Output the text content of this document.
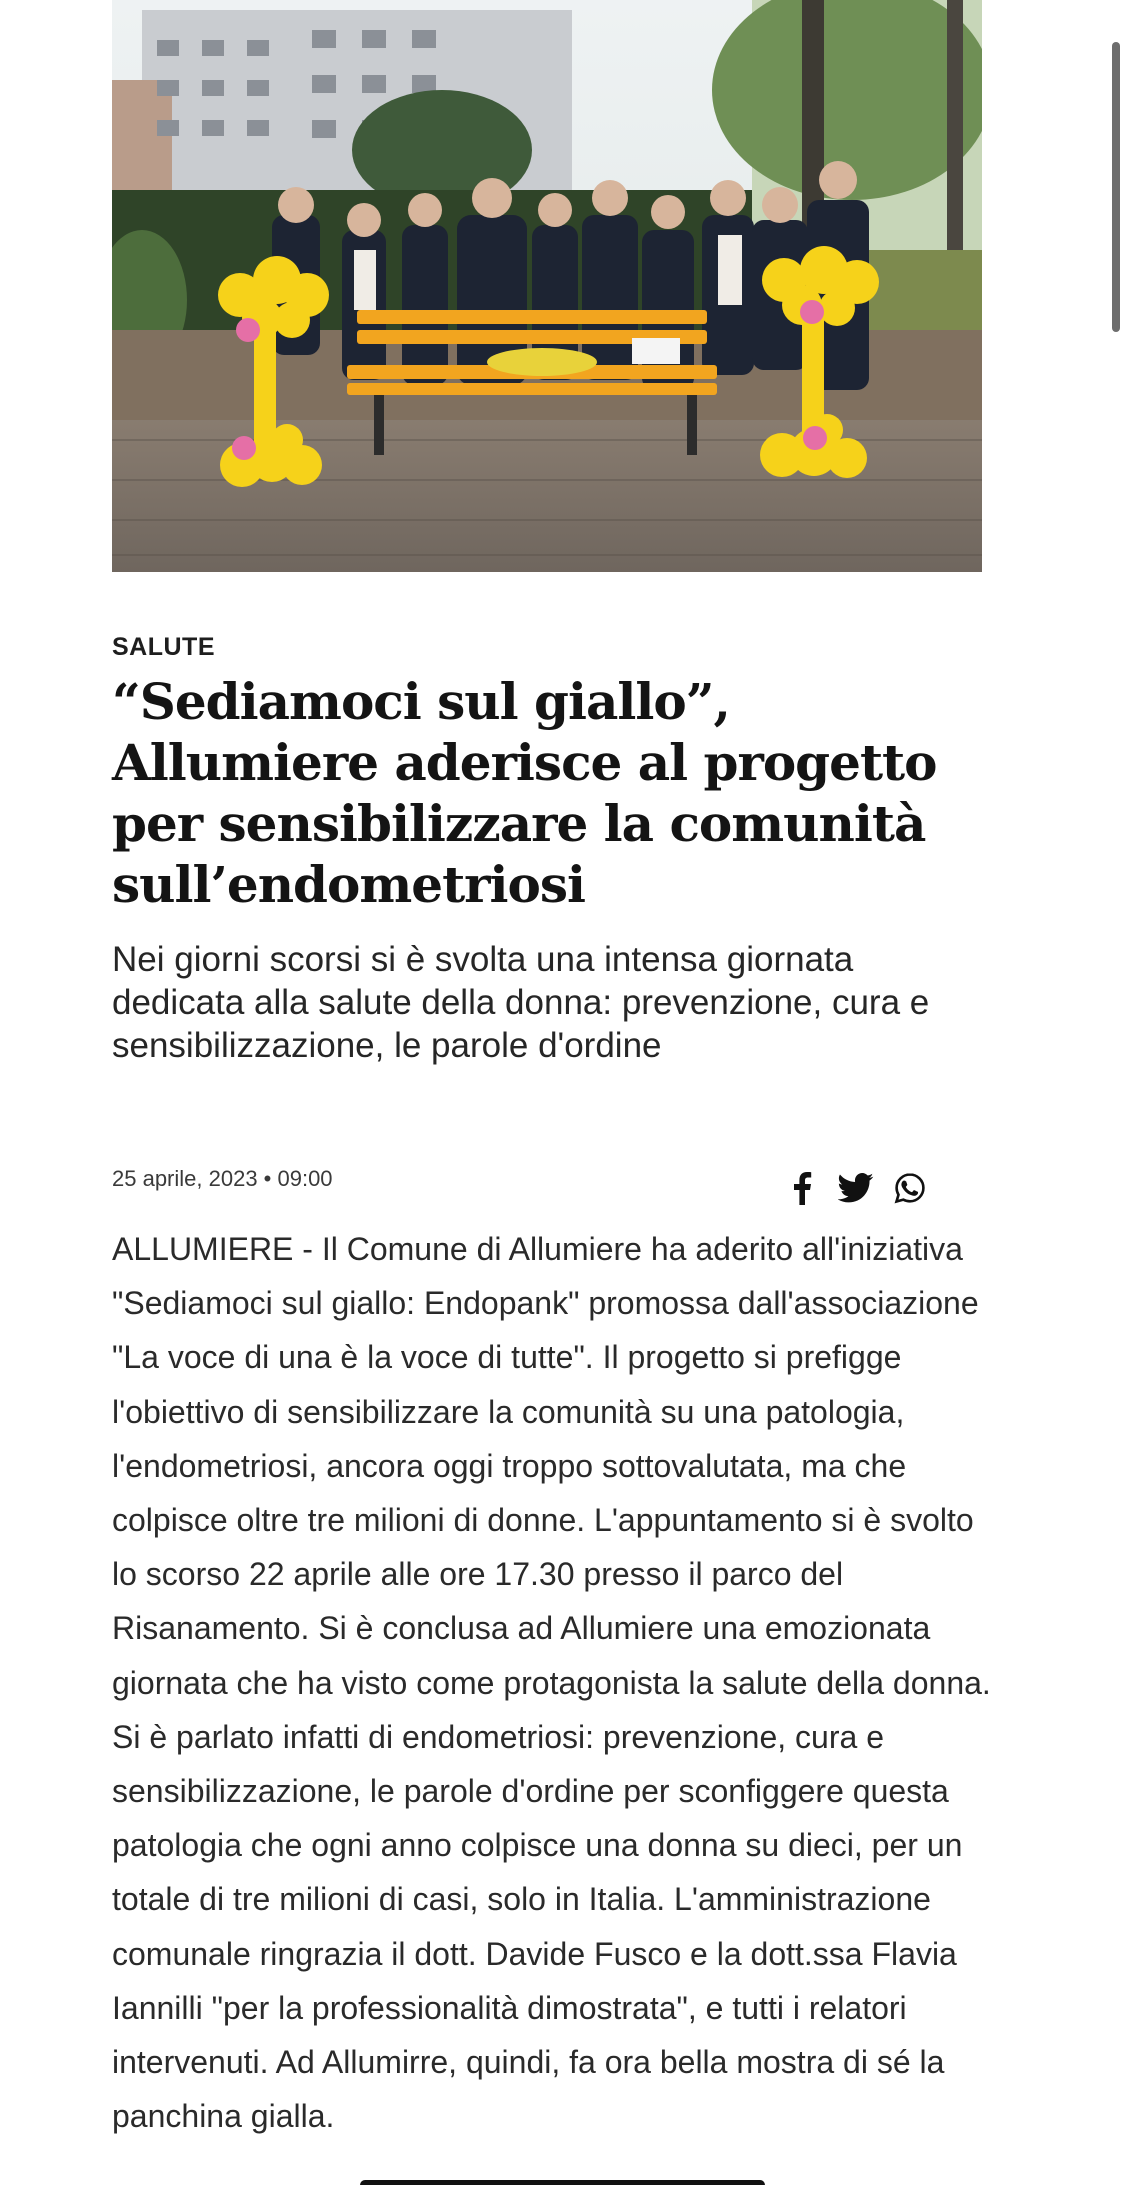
SALUTE
“Sediamoci sul giallo”, Allumiere aderisce al progetto per sensibilizzare la comunità sull’endometriosi

Nei giorni scorsi si è svolta una intensa giornata dedicata alla salute della donna: prevenzione, cura e sensibilizzazione, le parole d'ordine

25 aprile, 2023 • 09:00

ALLUMIERE - Il Comune di Allumiere ha aderito all'iniziativa "Sediamoci sul giallo: Endopank" promossa dall'associazione "La voce di una è la voce di tutte". Il progetto si prefigge l'obiettivo di sensibilizzare la comunità su una patologia, l'endometriosi, ancora oggi troppo sottovalutata, ma che colpisce oltre tre milioni di donne. L'appuntamento si è svolto lo scorso 22 aprile alle ore 17.30 presso il parco del Risanamento. Si è conclusa ad Allumiere una emozionata giornata che ha visto come protagonista la salute della donna. Si è parlato infatti di endometriosi: prevenzione, cura e sensibilizzazione, le parole d'ordine per sconfiggere questa patologia che ogni anno colpisce una donna su dieci, per un totale di tre milioni di casi, solo in Italia. L'amministrazione comunale ringrazia il dott. Davide Fusco e la dott.ssa Flavia Iannilli "per la professionalità dimostrata", e tutti i relatori intervenuti. Ad Allumirre, quindi, fa ora bella mostra di sé la panchina gialla.
